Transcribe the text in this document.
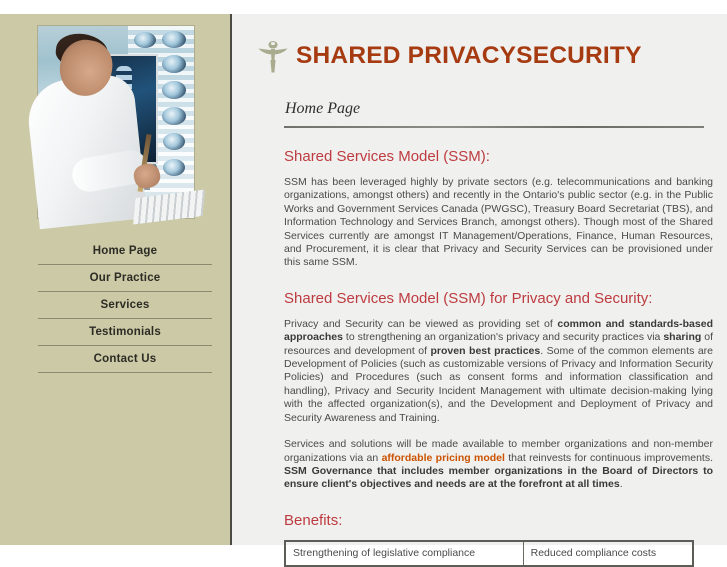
Home Page
Our Practice
Services
Testimonials
Contact Us
SHARED PRIVACYSECURITY
Home Page
Shared Services Model (SSM):

SSM has been leveraged highly by private sectors (e.g. telecommunications and banking organizations, amongst others) and recently in the Ontario's public sector (e.g. in the Public Works and Government Services Canada (PWGSC), Treasury Board Secretariat (TBS), and Information Technology and Services Branch, amongst others). Though most of the Shared Services currently are amongst IT Management/Operations, Finance, Human Resources, and Procurement, it is clear that Privacy and Security Services can be provisioned under this same SSM.

Shared Services Model (SSM) for Privacy and Security:

Privacy and Security can be viewed as providing set of common and standards-based approaches to strengthening an organization's privacy and security practices via sharing of resources and development of proven best practices. Some of the common elements are Development of Policies (such as customizable versions of Privacy and Information Security Policies) and Procedures (such as consent forms and information classification and handling), Privacy and Security Incident Management with ultimate decision-making lying with the affected organization(s), and the Development and Deployment of Privacy and Security Awareness and Training.

Services and solutions will be made available to member organizations and non-member organizations via an affordable pricing model that reinvests for continuous improvements. SSM Governance that includes member organizations in the Board of Directors to ensure client's objectives and needs are at the forefront at all times.

Benefits:
Strengthening of legislative compliance	Reduced compliance costs
